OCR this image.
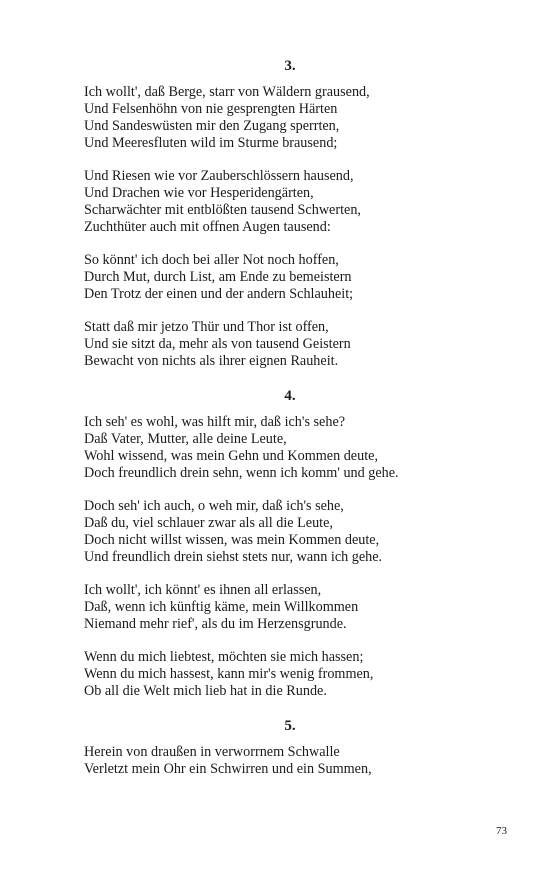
3.
Ich wollt', daß Berge, starr von Wäldern grausend,
Und Felsenhöhn von nie gesprengten Härten
Und Sandeswüsten mir den Zugang sperrten,
Und Meeresfluten wild im Sturme brausend;
Und Riesen wie vor Zauberschlössern hausend,
Und Drachen wie vor Hesperidengärten,
Scharwächter mit entblößten tausend Schwerten,
Zuchthüter auch mit offnen Augen tausend:
So könnt' ich doch bei aller Not noch hoffen,
Durch Mut, durch List, am Ende zu bemeistern
Den Trotz der einen und der andern Schlauheit;
Statt daß mir jetzo Thür und Thor ist offen,
Und sie sitzt da, mehr als von tausend Geistern
Bewacht von nichts als ihrer eignen Rauheit.
4.
Ich seh' es wohl, was hilft mir, daß ich's sehe?
Daß Vater, Mutter, alle deine Leute,
Wohl wissend, was mein Gehn und Kommen deute,
Doch freundlich drein sehn, wenn ich komm' und gehe.
Doch seh' ich auch, o weh mir, daß ich's sehe,
Daß du, viel schlauer zwar als all die Leute,
Doch nicht willst wissen, was mein Kommen deute,
Und freundlich drein siehst stets nur, wann ich gehe.
Ich wollt', ich könnt' es ihnen all erlassen,
Daß, wenn ich künftig käme, mein Willkommen
Niemand mehr rief', als du im Herzensgrunde.
Wenn du mich liebtest, möchten sie mich hassen;
Wenn du mich hassest, kann mir's wenig frommen,
Ob all die Welt mich lieb hat in die Runde.
5.
Herein von draußen in verworrnem Schwalle
Verletzt mein Ohr ein Schwirren und ein Summen,
73
